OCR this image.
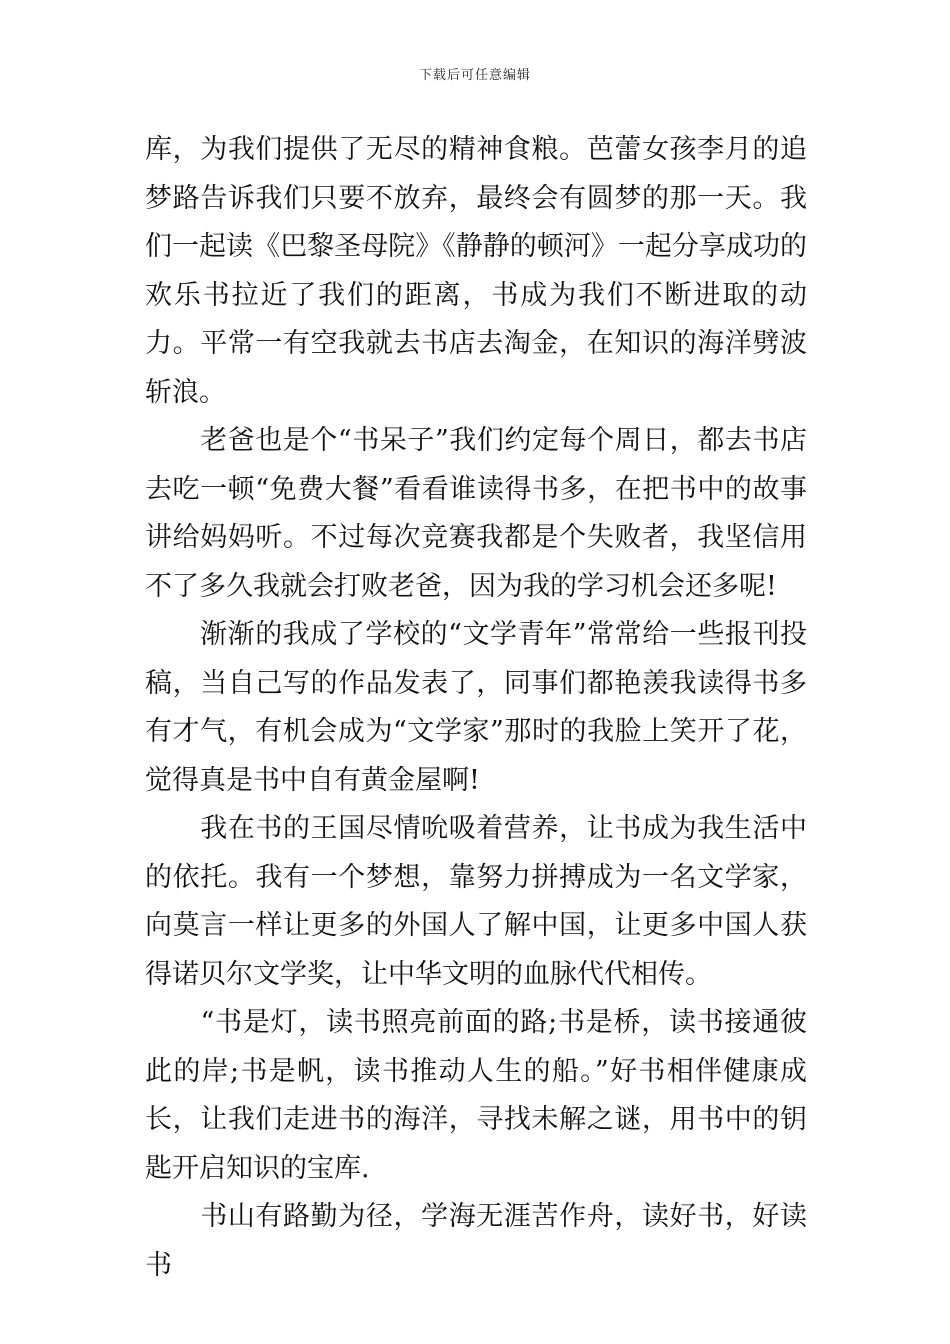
下载后可任意编辑

库，为我们提供了无尽的精神食粮。芭蕾女孩李月的追梦路告诉我们只要不放弃，最终会有圆梦的那一天。我们一起读《巴黎圣母院》《静静的顿河》一起分享成功的欢乐书拉近了我们的距离，书成为我们不断进取的动力。平常一有空我就去书店去淘金，在知识的海洋劈波斩浪。

　　老爸也是个“书呆子”我们约定每个周日，都去书店去吃一顿“免费大餐”看看谁读得书多，在把书中的故事讲给妈妈听。不过每次竞赛我都是个失败者，我坚信用不了多久我就会打败老爸，因为我的学习机会还多呢!

　　渐渐的我成了学校的“文学青年”常常给一些报刊投稿，当自己写的作品发表了，同事们都艳羡我读得书多有才气，有机会成为“文学家”那时的我脸上笑开了花，觉得真是书中自有黄金屋啊!

　　我在书的王国尽情吮吸着营养，让书成为我生活中的依托。我有一个梦想，靠努力拼搏成为一名文学家，向莫言一样让更多的外国人了解中国，让更多中国人获得诺贝尔文学奖，让中华文明的血脉代代相传。

　　“书是灯，读书照亮前面的路;书是桥，读书接通彼此的岸;书是帆，读书推动人生的船。”好书相伴健康成长，让我们走进书的海洋，寻找未解之谜，用书中的钥匙开启知识的宝库.

　　书山有路勤为径，学海无涯苦作舟，读好书，好读书
